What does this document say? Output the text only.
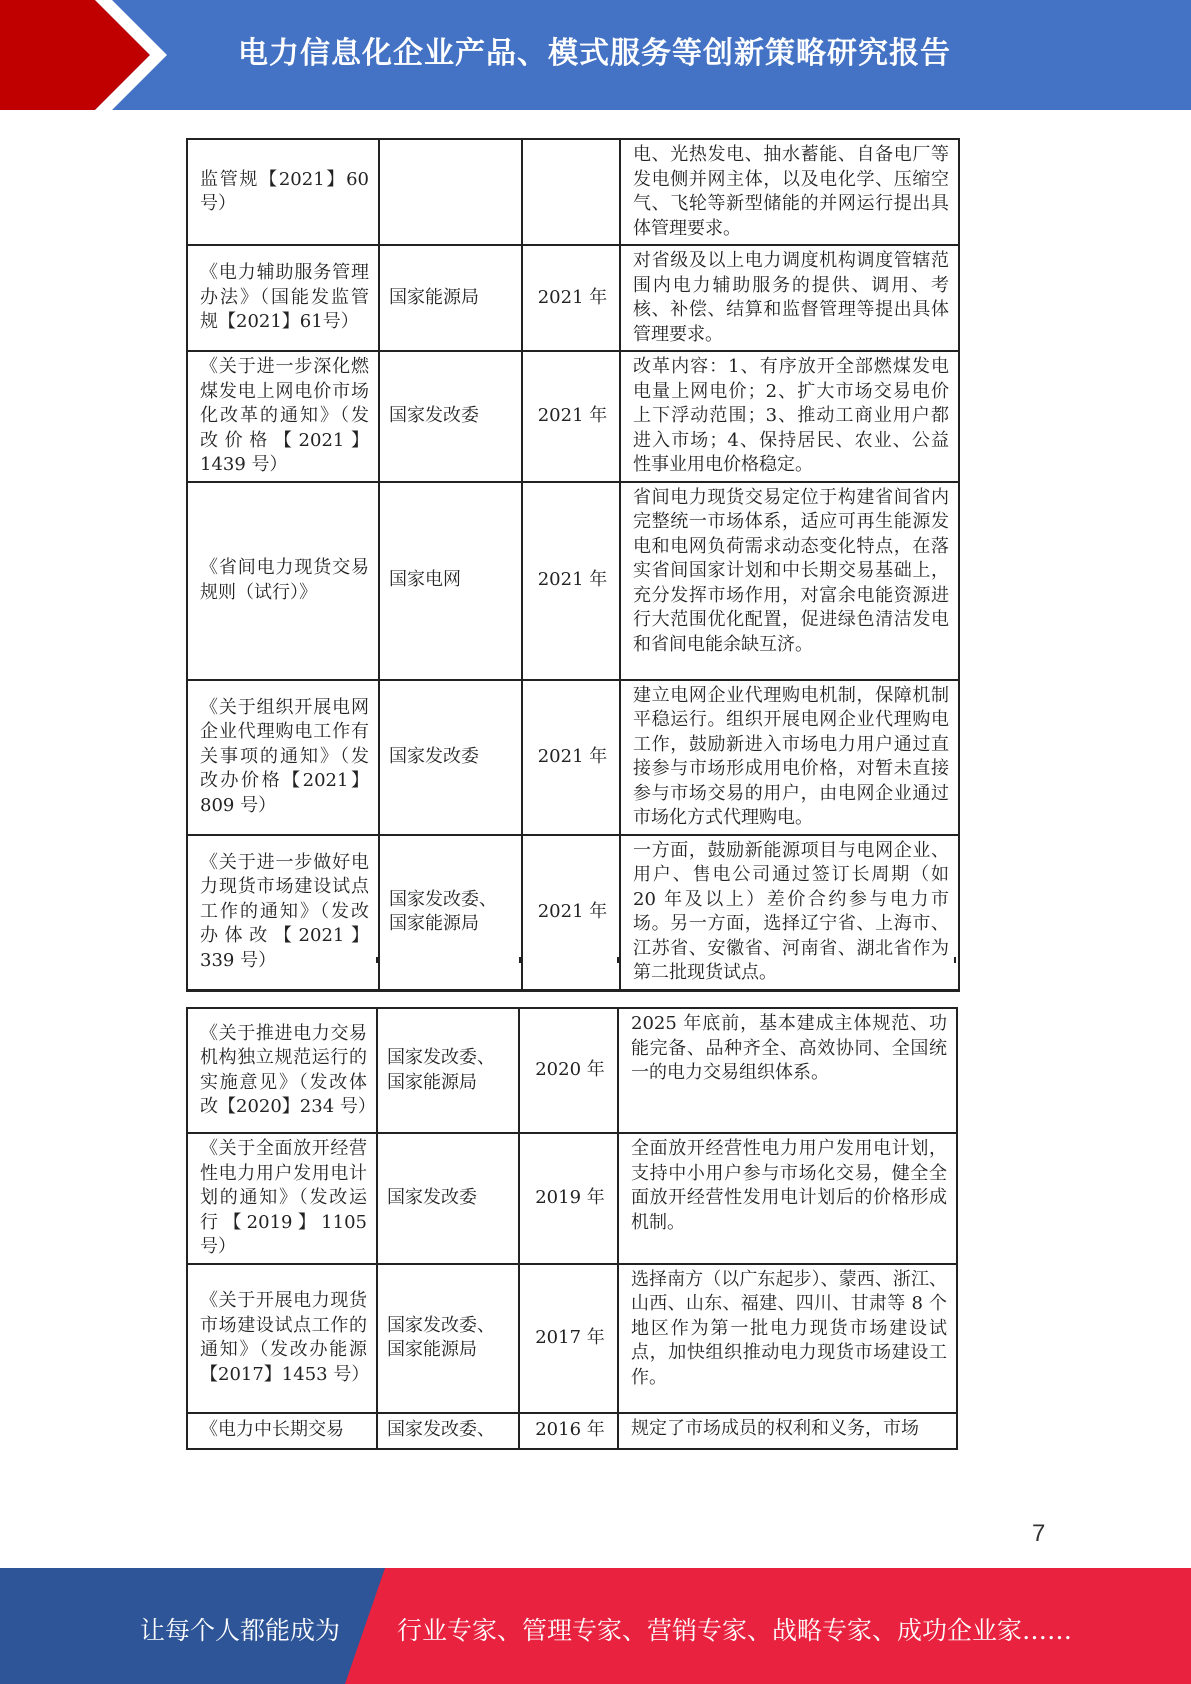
电力信息化企业产品、模式服务等创新策略研究报告
监管规【2021】60号）			电、光热发电、抽水蓄能、自备电厂等发电侧并网主体，以及电化学、压缩空气、飞轮等新型储能的并网运行提出具体管理要求。
《电力辅助服务管理办法》（国能发监管规【2021】61号）	国家能源局	2021 年	对省级及以上电力调度机构调度管辖范围内电力辅助服务的提供、调用、考核、补偿、结算和监督管理等提出具体管理要求。
《关于进一步深化燃煤发电上网电价市场化改革的通知》（发改价格【2021】1439 号）	国家发改委	2021 年	改革内容：1、有序放开全部燃煤发电电量上网电价；2、扩大市场交易电价上下浮动范围；3、推动工商业用户都进入市场；4、保持居民、农业、公益性事业用电价格稳定。
《省间电力现货交易规则（试行）》	国家电网	2021 年	省间电力现货交易定位于构建省间省内完整统一市场体系，适应可再生能源发电和电网负荷需求动态变化特点，在落实省间国家计划和中长期交易基础上，充分发挥市场作用，对富余电能资源进行大范围优化配置，促进绿色清洁发电和省间电能余缺互济。
《关于组织开展电网企业代理购电工作有关事项的通知》（发改办价格【2021】809 号）	国家发改委	2021 年	建立电网企业代理购电机制，保障机制平稳运行。组织开展电网企业代理购电工作，鼓励新进入市场电力用户通过直接参与市场形成用电价格，对暂未直接参与市场交易的用户，由电网企业通过市场化方式代理购电。
《关于进一步做好电力现货市场建设试点工作的通知》（发改办体改【2021】339 号）	国家发改委、国家能源局	2021 年	一方面，鼓励新能源项目与电网企业、用户、售电公司通过签订长周期（如 20 年及以上）差价合约参与电力市场。另一方面，选择辽宁省、上海市、江苏省、安徽省、河南省、湖北省作为第二批现货试点。
《关于推进电力交易机构独立规范运行的实施意见》（发改体改【2020】234 号）	国家发改委、国家能源局	2020 年	2025 年底前，基本建成主体规范、功能完备、品种齐全、高效协同、全国统一的电力交易组织体系。
《关于全面放开经营性电力用户发用电计划的通知》（发改运行【2019】1105 号）	国家发改委	2019 年	全面放开经营性电力用户发用电计划，支持中小用户参与市场化交易，健全全面放开经营性发用电计划后的价格形成机制。
《关于开展电力现货市场建设试点工作的通知》（发改办能源【2017】1453 号）	国家发改委、国家能源局	2017 年	选择南方（以广东起步）、蒙西、浙江、山西、山东、福建、四川、甘肃等 8 个地区作为第一批电力现货市场建设试点，加快组织推动电力现货市场建设工作。
《电力中长期交易	国家发改委、	2016 年	规定了市场成员的权利和义务，市场
7
让每个人都能成为 行业专家、管理专家、营销专家、战略专家、成功企业家……
